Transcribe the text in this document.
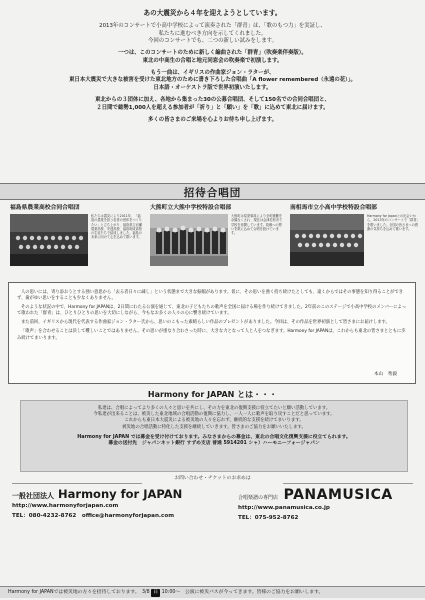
あの大震災から４年を迎えようとしています。

2013年のコンサートで小高中学校によって演奏された「群青」は、「歌のもつ力」を実証し、
私たちに進むべき方向を示してくれました。
今回のコンサートでも、二つの新しい試みをします。

一つは、このコンサートのために新しく編曲された「群青」（吹奏楽伴奏版）。
東北の中高生の合唱と地元同窓会の吹奏楽で初演します。

もう一曲は、イギリスの作曲家ジョン・ラターが、
東日本大震災で大きな被害を受けた東北地方のために書き下ろした合唱曲「A flower remembered（永遠の花）」。
日本語・オーケストラ版で世界初演いたします。

東北からの３団体に加え、各地から集まった30の公募合唱団、そして150名での合同合唱団と、
２日間で総勢1,000人を超える参加者が「祈り」と「願い」を「歌」に込めて東北に届けます。

多くの皆さまのご来場を心よりお待ち申し上げます。

招待合唱団
福島県農業高校合同合唱団
私たちは震災により2011年、「福島の農業を担う若者の団体をつくりたい」と立ち上がり、福島県立岩瀬農業高校、安達高校、福島明成高校の生徒たちで結成しました。福島の未来に向けて心を込めて歌います。
大熊町立大熊中学校特設合唱部
大熊町は原発事故により全町避難を余儀なくされ、現在は会津若松市で学校を再開しています。故郷への想いを歌に込めて合唱を続けています。
南相馬市立小高中学校特設合唱部
Harmony for Japanとの出会いから、2013年のコンサートで「群青」を歌いました。全国の皆さまへの感謝の気持ちを込めて歌います。

人の思いには、寄り添おうとする強い意思から「去る者日々に疎し」という状態まで大きな振幅があります。仮に、その思いを強く持ち続けたとしても、遠くからではその事態を知り得ることができず、歯がゆい思いをすることも少なくありません。

そのような状況の中で、Harmony for JAPANは、2日間にわたる公演を通じて、東北の子どもたちの歌声を全国に届ける場を作り続けてきました。2年前のこのステージで小高中学校のメンバーによって歌われた「群青」は、ひとりひとりの思いを大切にしながら、今もなお多くの人々の心に響き続けています。

また前回、イギリスから現代を代表する作曲家ジョン・ラター氏から、思いのこもった素晴らしい作品のプレゼントがありました。今回は、その作品を世界初演として皆さまにお届けします。

「歌声」を合わせることは決して難しいことではありません。その思いが重なり合わさった時に、大きな力となって人と人をつなぎます。Harmony for JAPANは、これからも東北の皆さまとともに歩み続けてまいります。

本山　秀毅
Harmony for JAPAN とは・・・

私達は、合唱によってより多くの人々と思いを共にし、その力を東北の復興支援に役立てたいと願い活動しています。

今私達が出来ることは、被災した東北地域の合唱活動の復興に協力し、一人一人に歌声を取り戻すことだと思っています。

これからも東日本大震災による被災地の人々を忘れず、継続的な支援を続けてまいります。

被災地の合唱活動に特化した支援を継続していきます。皆さまのご協力をお願いいたします。

Harmony for JAPAN では募金を受け付けております。みなさまからの募金は、東北の合唱文化復興支援に役立てられます。

募金の送付先　ジャパンネット銀行 すずめ支店 普通 5914201 シャ）ハーモニーフォージャパン

お問い合わせ・チケットのお求めは
一般社団法人 Harmony for JAPAN
http://www.harmonyforjapan.com
TEL：080-4232-8762　office@harmonyforjapan.com
合唱楽譜の専門店 PANAMUSICA
http://www.panamusica.co.jp
TEL：075-952-8762
Harmony for JAPANでは被災地の方々を招待しております。　3/8 日 10:00～　公演に被災バスが今ってきます。皆様のご協力をお願いします。
